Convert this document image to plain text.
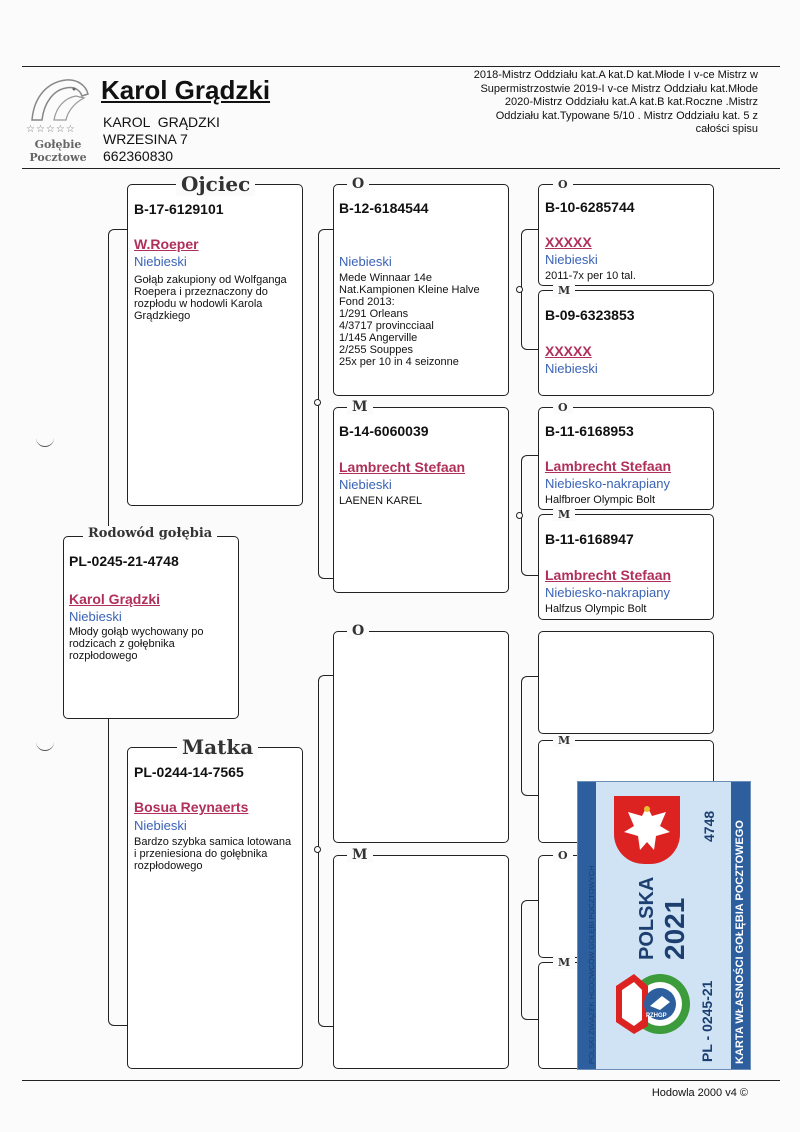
☆☆☆☆☆
Gołębie Pocztowe
Karol Grądzki
KAROL  GRĄDZKI
WRZESINA 7
662360830
2018-Mistrz Oddziału kat.A kat.D kat.Młode I v-ce Mistrz w Supermistrzostwie 2019-I v-ce Mistrz Oddziału kat.Młode 2020-Mistrz Oddziału kat.A kat.B kat.Roczne .Mistrz Oddziału kat.Typowane 5/10 . Mistrz Oddziału kat. 5 z całości spisu
Rodowód gołębia
PL-0245-21-4748
Karol Grądzki
Niebieski
Młody gołąb wychowany po rodzicach z gołębnika rozpłodowego
Ojciec
B-17-6129101
W.Roeper
Niebieski
Gołąb zakupiony od Wolfganga Roepera i przeznaczony do rozpłodu w hodowli Karola Grądzkiego
Matka
PL-0244-14-7565
Bosua Reynaerts
Niebieski
Bardzo szybka samica lotowana i przeniesiona do gołębnika rozpłodowego
O
B-12-6184544
Niebieski
Mede Winnaar 14e
Nat.Kampionen Kleine Halve
Fond 2013:
1/291 Orleans
4/3717 provincciaal
1/145 Angerville
2/255 Souppes
25x per 10 in 4 seizonne
M
B-14-6060039
Lambrecht Stefaan
Niebieski
LAENEN KAREL
O
M
O
B-10-6285744
XXXXX
Niebieski
2011-7x per 10 tal.
M
B-09-6323853
XXXXX
Niebieski
O
B-11-6168953
Lambrecht Stefaan
Niebiesko-nakrapiany
Halfbroer Olympic Bolt
M
B-11-6168947
Lambrecht Stefaan
Niebiesko-nakrapiany
Halfzus Olympic Bolt
M
O
M	POLSKI ZWIĄZEK HODOWCÓW GOŁĘBI POCZTOWYCH	KARTA WŁASNOŚCI GOŁĘBIA POCZTOWEGO
PL - 0245-21
4748
POLSKA 2021
PZHGP
Hodowla 2000 v4 ©
